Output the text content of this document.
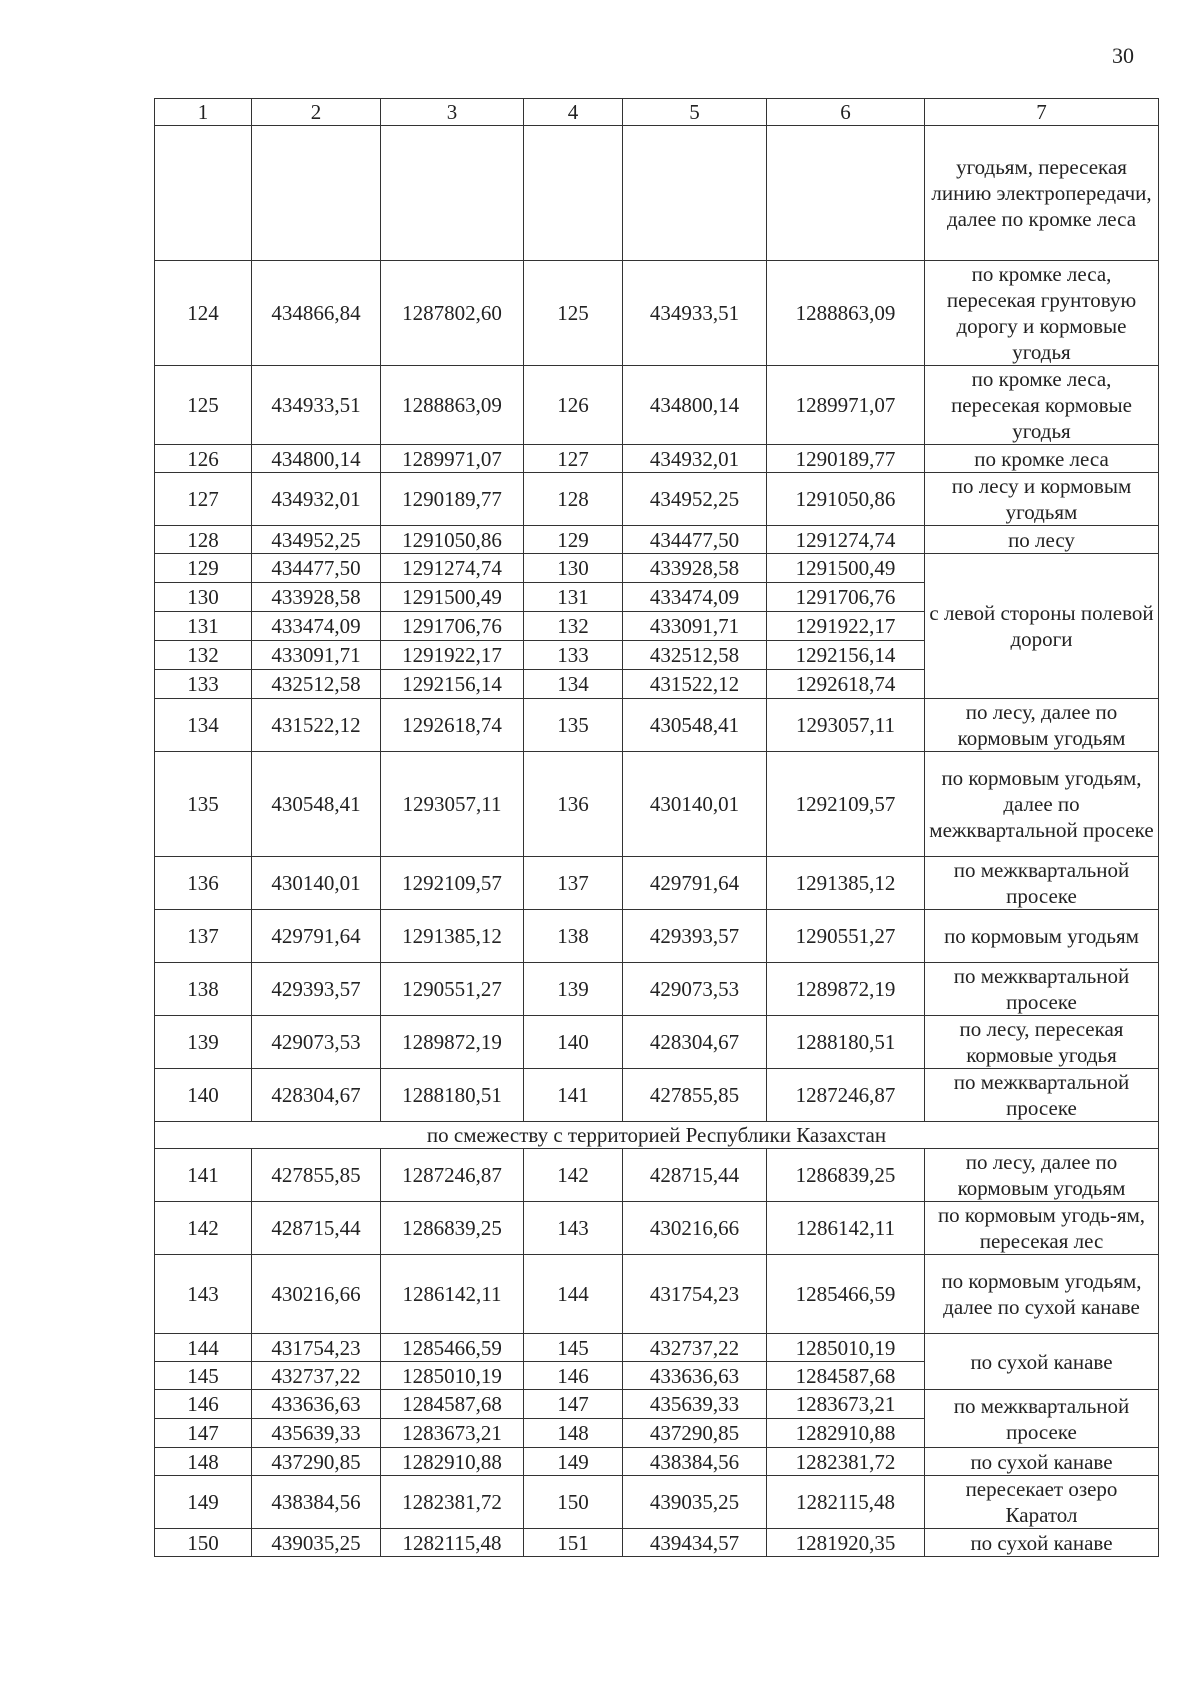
30
1	2	3	4	5	6	7
						угодьям, пересекая линию электропередачи, далее по кромке леса
124	434866,84	1287802,60	125	434933,51	1288863,09	по кромке леса, пересекая грунтовую дорогу и кормовые угодья
125	434933,51	1288863,09	126	434800,14	1289971,07	по кромке леса, пересекая кормовые угодья
126	434800,14	1289971,07	127	434932,01	1290189,77	по кромке леса
127	434932,01	1290189,77	128	434952,25	1291050,86	по лесу и кормовым угодьям
128	434952,25	1291050,86	129	434477,50	1291274,74	по лесу
129	434477,50	1291274,74	130	433928,58	1291500,49	с левой стороны полевой дороги
130	433928,58	1291500,49	131	433474,09	1291706,76	
131	433474,09	1291706,76	132	433091,71	1291922,17	
132	433091,71	1291922,17	133	432512,58	1292156,14	
133	432512,58	1292156,14	134	431522,12	1292618,74	
134	431522,12	1292618,74	135	430548,41	1293057,11	по лесу, далее по кормовым угодьям
135	430548,41	1293057,11	136	430140,01	1292109,57	по кормовым угодьям, далее по межквартальной просеке
136	430140,01	1292109,57	137	429791,64	1291385,12	по межквартальной просеке
137	429791,64	1291385,12	138	429393,57	1290551,27	по кормовым угодьям
138	429393,57	1290551,27	139	429073,53	1289872,19	по межквартальной просеке
139	429073,53	1289872,19	140	428304,67	1288180,51	по лесу, пересекая кормовые угодья
140	428304,67	1288180,51	141	427855,85	1287246,87	по межквартальной просеке
по смежеству с территорией Республики Казахстан						
141	427855,85	1287246,87	142	428715,44	1286839,25	по лесу, далее по кормовым угодьям
142	428715,44	1286839,25	143	430216,66	1286142,11	по кормовым угодь-ям, пересекая лес
143	430216,66	1286142,11	144	431754,23	1285466,59	по кормовым угодьям, далее по сухой канаве
144	431754,23	1285466,59	145	432737,22	1285010,19	по сухой канаве
145	432737,22	1285010,19	146	433636,63	1284587,68	
146	433636,63	1284587,68	147	435639,33	1283673,21	по межквартальной просеке
147	435639,33	1283673,21	148	437290,85	1282910,88	
148	437290,85	1282910,88	149	438384,56	1282381,72	по сухой канаве
149	438384,56	1282381,72	150	439035,25	1282115,48	пересекает озеро Каратол
150	439035,25	1282115,48	151	439434,57	1281920,35	по сухой канаве
